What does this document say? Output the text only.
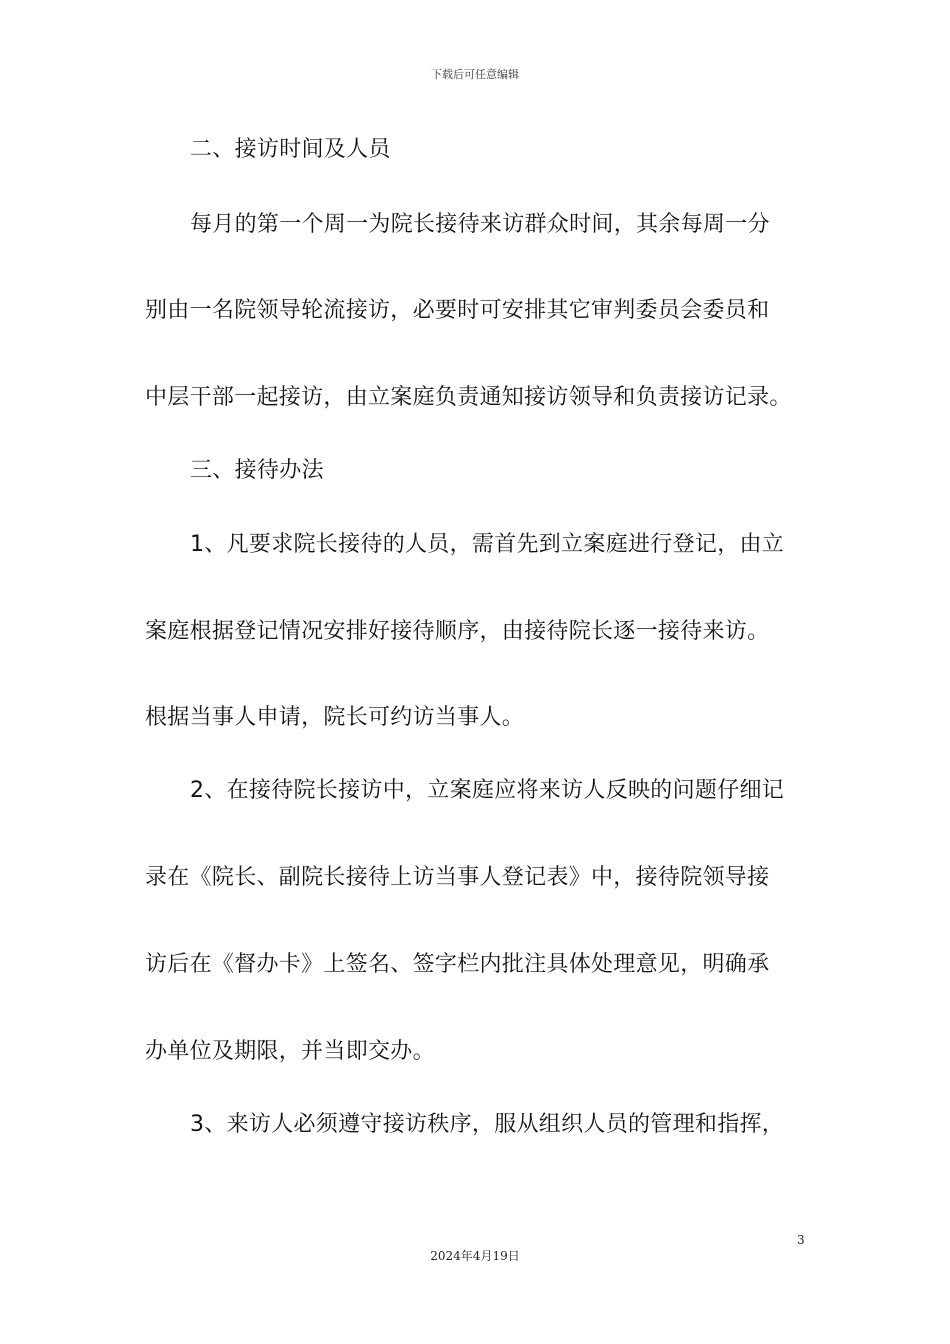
下载后可任意编辑
二、接访时间及人员
每月的第一个周一为院长接待来访群众时间，其余每周一分
别由一名院领导轮流接访，必要时可安排其它审判委员会委员和
中层干部一起接访，由立案庭负责通知接访领导和负责接访记录。
三、接待办法
1、凡要求院长接待的人员，需首先到立案庭进行登记，由立
案庭根据登记情况安排好接待顺序，由接待院长逐一接待来访。
根据当事人申请，院长可约访当事人。
2、在接待院长接访中，立案庭应将来访人反映的问题仔细记
录在《院长、副院长接待上访当事人登记表》中，接待院领导接
访后在《督办卡》上签名、签字栏内批注具体处理意见，明确承
办单位及期限，并当即交办。
3、来访人必须遵守接访秩序，服从组织人员的管理和指挥，
3
2024年4月19日
